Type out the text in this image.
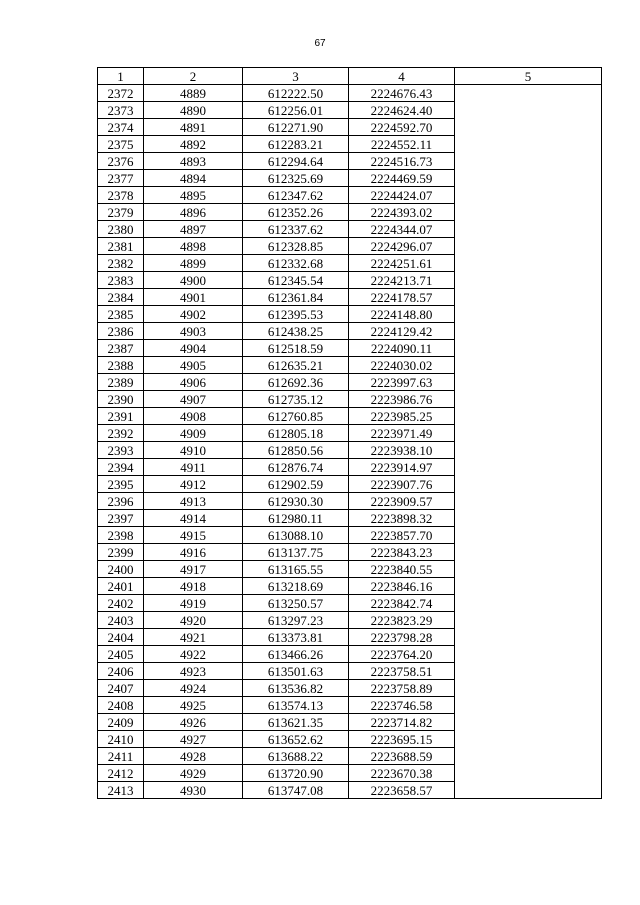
67
1	2	3	4	5
2372	4889	612222.50	2224676.43	
2373	4890	612256.01	2224624.40	
2374	4891	612271.90	2224592.70	
2375	4892	612283.21	2224552.11	
2376	4893	612294.64	2224516.73	
2377	4894	612325.69	2224469.59	
2378	4895	612347.62	2224424.07	
2379	4896	612352.26	2224393.02	
2380	4897	612337.62	2224344.07	
2381	4898	612328.85	2224296.07	
2382	4899	612332.68	2224251.61	
2383	4900	612345.54	2224213.71	
2384	4901	612361.84	2224178.57	
2385	4902	612395.53	2224148.80	
2386	4903	612438.25	2224129.42	
2387	4904	612518.59	2224090.11	
2388	4905	612635.21	2224030.02	
2389	4906	612692.36	2223997.63	
2390	4907	612735.12	2223986.76	
2391	4908	612760.85	2223985.25	
2392	4909	612805.18	2223971.49	
2393	4910	612850.56	2223938.10	
2394	4911	612876.74	2223914.97	
2395	4912	612902.59	2223907.76	
2396	4913	612930.30	2223909.57	
2397	4914	612980.11	2223898.32	
2398	4915	613088.10	2223857.70	
2399	4916	613137.75	2223843.23	
2400	4917	613165.55	2223840.55	
2401	4918	613218.69	2223846.16	
2402	4919	613250.57	2223842.74	
2403	4920	613297.23	2223823.29	
2404	4921	613373.81	2223798.28	
2405	4922	613466.26	2223764.20	
2406	4923	613501.63	2223758.51	
2407	4924	613536.82	2223758.89	
2408	4925	613574.13	2223746.58	
2409	4926	613621.35	2223714.82	
2410	4927	613652.62	2223695.15	
2411	4928	613688.22	2223688.59	
2412	4929	613720.90	2223670.38	
2413	4930	613747.08	2223658.57	
